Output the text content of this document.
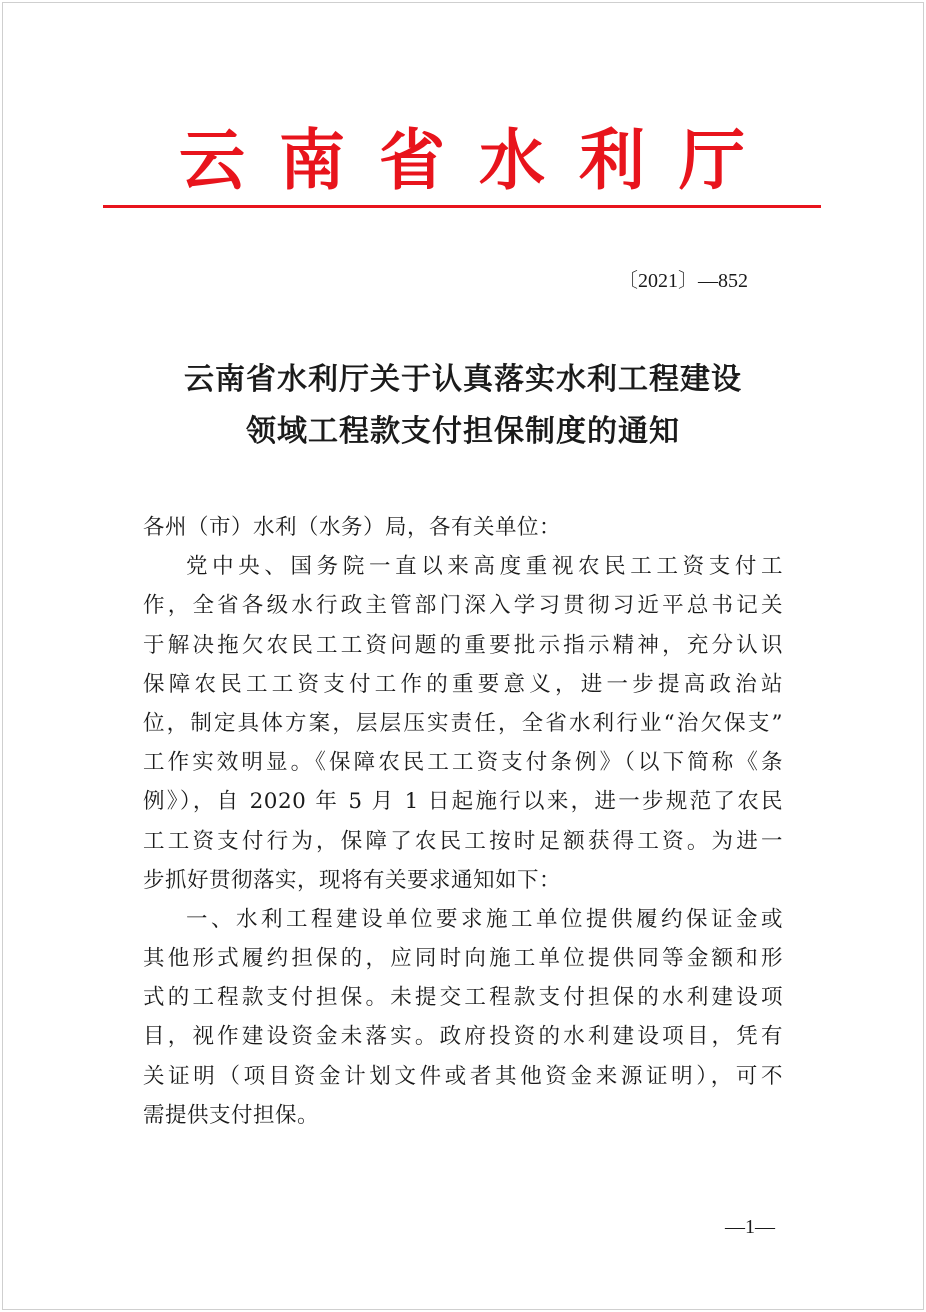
云南省水利厅
〔2021〕—852
云南省水利厅关于认真落实水利工程建设
领域工程款支付担保制度的通知
各州（市）水利（水务）局，各有关单位：
党中央、国务院一直以来高度重视农民工工资支付工
作，全省各级水行政主管部门深入学习贯彻习近平总书记关
于解决拖欠农民工工资问题的重要批示指示精神，充分认识
保障农民工工资支付工作的重要意义，进一步提高政治站
位，制定具体方案，层层压实责任，全省水利行业“治欠保支”
工作实效明显。《保障农民工工资支付条例》（以下简称《条
例》），自 2020 年 5 月 1 日起施行以来，进一步规范了农民
工工资支付行为，保障了农民工按时足额获得工资。为进一
步抓好贯彻落实，现将有关要求通知如下：
一、水利工程建设单位要求施工单位提供履约保证金或
其他形式履约担保的，应同时向施工单位提供同等金额和形
式的工程款支付担保。未提交工程款支付担保的水利建设项
目，视作建设资金未落实。政府投资的水利建设项目，凭有
关证明（项目资金计划文件或者其他资金来源证明），可不
需提供支付担保。
—1—
